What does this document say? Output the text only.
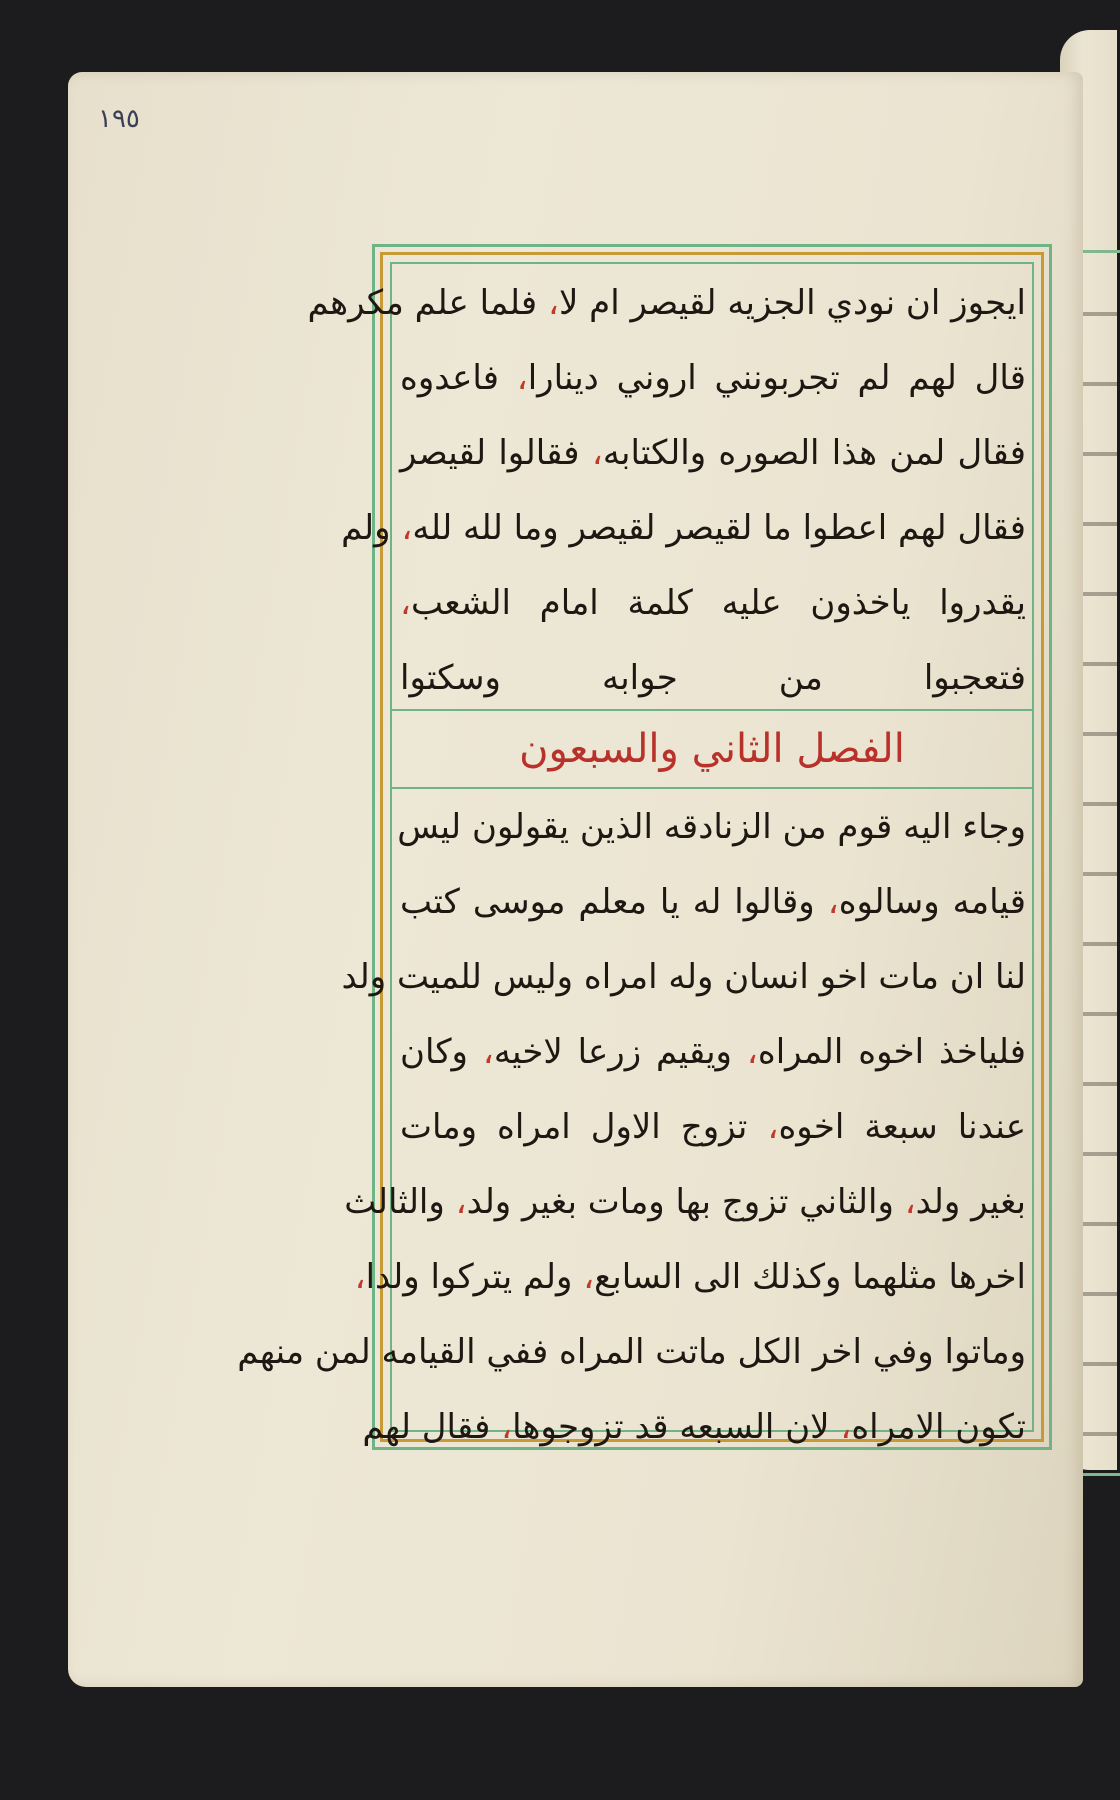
١٩٥
ايجوز ان نودي الجزيه لقيصر ام لا، فلما علم مكرهم
قال لهم لم تجربونني اروني دينارا، فاعدوه
فقال لمن هذا الصوره والكتابه، فقالوا لقيصر
فقال لهم اعطوا ما لقيصر لقيصر وما لله لله، ولم
يقدروا ياخذون عليه كلمة امام الشعب،
فتعجبوا من جوابه وسكتوا
الفصل الثاني والسبعون
وجاء اليه قوم من الزنادقه الذين يقولون ليس
قيامه وسالوه، وقالوا له يا معلم موسى كتب
لنا ان مات اخو انسان وله امراه وليس للميت ولد
فلياخذ اخوه المراه، ويقيم زرعا لاخيه، وكان
عندنا سبعة اخوه، تزوج الاول امراه ومات
بغير ولد، والثاني تزوج بها ومات بغير ولد، والثالث
اخرها مثلهما وكذلك الى السابع، ولم يتركوا ولدا،
وماتوا وفي اخر الكل ماتت المراه ففي القيامه لمن منهم
تكون الامراه، لان السبعه قد تزوجوها، فقال لهم
